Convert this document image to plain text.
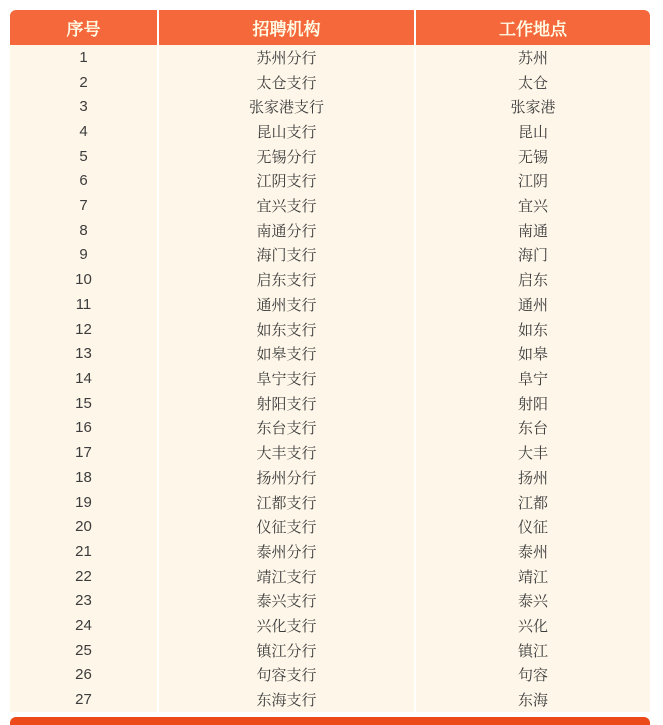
序号	招聘机构	工作地点
1	苏州分行	苏州
2	太仓支行	太仓
3	张家港支行	张家港
4	昆山支行	昆山
5	无锡分行	无锡
6	江阴支行	江阴
7	宜兴支行	宜兴
8	南通分行	南通
9	海门支行	海门
10	启东支行	启东
11	通州支行	通州
12	如东支行	如东
13	如皋支行	如皋
14	阜宁支行	阜宁
15	射阳支行	射阳
16	东台支行	东台
17	大丰支行	大丰
18	扬州分行	扬州
19	江都支行	江都
20	仪征支行	仪征
21	泰州分行	泰州
22	靖江支行	靖江
23	泰兴支行	泰兴
24	兴化支行	兴化
25	镇江分行	镇江
26	句容支行	句容
27	东海支行	东海
